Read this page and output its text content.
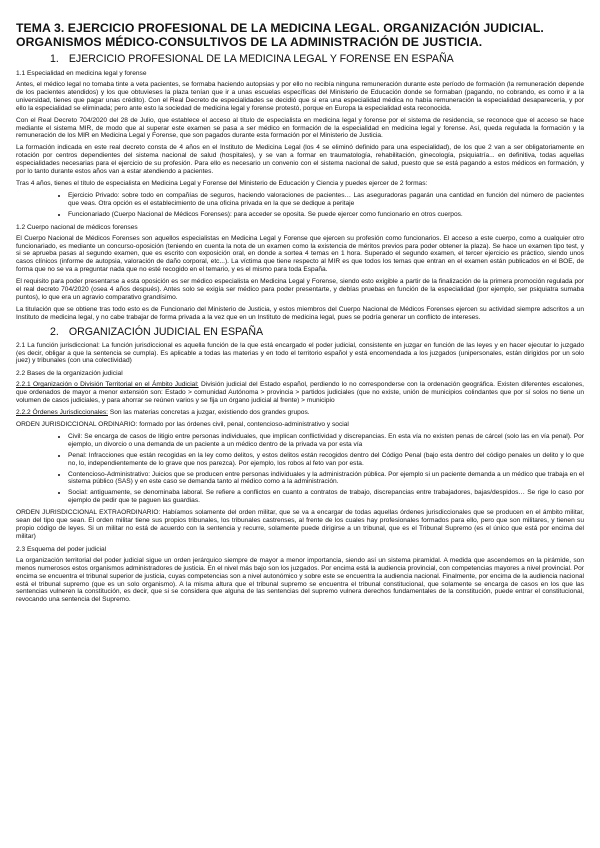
TEMA 3. EJERCICIO PROFESIONAL DE LA MEDICINA LEGAL. ORGANIZACIÓN JUDICIAL. ORGANISMOS MÉDICO-CONSULTIVOS DE LA ADMINISTRACIÓN DE JUSTICIA.
1. EJERCICIO PROFESIONAL DE LA MEDICINA LEGAL Y FORENSE EN ESPAÑA
1.1 Especialidad en medicina legal y forense

Antes, el médico legal no tomaba tinte a veta pacientes, se formaba haciendo autopsias y por ello no recibía ninguna remuneración durante este período de formación (la remuneración depende de los pacientes atendidos) y los que obtuvieses la plaza tenían que ir a unas escuelas específicas del Ministerio de Educación donde se formaban (pagando, no cobrando, es como ir a la universidad, tienes que pagar unas crédito). Con el Real Decreto de especialidades se decidió que si era una especialidad médica no había remuneración la especialidad desaparecería, y por ello la especialidad se eliminada; pero ante esto la sociedad de medicina legal y forense protestó, porque en Europa la especialidad esta reconocida.

Con el Real Decreto 704/2020 del 28 de Julio, que establece el acceso al título de especialista en medicina legal y forense por el sistema de residencia, se reconoce que el acceso se hace mediante el sistema MIR, de modo que al superar este examen se pasa a ser médico en formación de la especialidad en medicina legal y forense. Así, queda regulada la formación y la remuneración de los MIR en Medicina Legal y Forense, que son pagados durante esta formación por el Ministerio de Justicia.

La formación indicada en este real decreto consta de 4 años en el Instituto de Medicina Legal (los 4 se eliminó definido para una especialidad), de los que 2 van a ser obligatoriamente en rotación por centros dependientes del sistema nacional de salud (hospitales), y se van a formar en traumatología, rehabilitación, ginecología, psiquiatría... en definitiva, todas aquellas especialidades necesarias para el ejercicio de su profesión. Para ello es necesario un convenio con el sistema nacional de salud, puesto que se está pagando a estos médicos en formación, y por lo tanto durante estos años van a estar atendiendo a pacientes.

Tras 4 años, tienes el título de especialista en Medicina Legal y Forense del Ministerio de Educación y Ciencia y puedes ejercer de 2 formas:

• Ejercicio Privado: sobre todo en compañías de seguros, haciendo valoraciones de pacientes… Las aseguradoras pagarán una cantidad en función del número de pacientes que veas. Otra opción es el establecimiento de una oficina privada en la que se dedique a peritaje
• Funcionariado (Cuerpo Nacional de Médicos Forenses): para acceder se oposita. Se puede ejercer como funcionario en otros cuerpos.
1.2 Cuerpo nacional de médicos forenses

El Cuerpo Nacional de Médicos Forenses son aquellos especialistas en Medicina Legal y Forense que ejercen su profesión como funcionarios. El acceso a este cuerpo, como a cualquier otro funcionariado, es mediante un concurso-oposición (teniendo en cuenta la nota de un examen como la existencia de méritos previos para poder obtener la plaza). Se hace un examen tipo test, y si se aprueba pasas al segundo examen, que es escrito con exposición oral, en donde a sortea 4 temas en 1 hora. Superado el segundo examen, el tercer ejercicio es práctico, siendo unos casos clínicos (informe de autopsia, valoración de daño corporal, etc...). La víctima que tiene respecto al MIR es que todos los temas que entran en el examen están publicados en el BOE, de forma que no se va a preguntar nada que no esté recogido en el temario, y es el mismo para toda España.

El requisito para poder presentarse a esta oposición es ser médico especialista en Medicina Legal y Forense, siendo esto exigible a partir de la finalización de la primera promoción regulada por el real decreto 704/2020 (osea 4 años después). Antes solo se exigía ser médico para poder presentarte, y debías pruebas en función de la especialidad (por ejemplo, ser psiquiatra sumaba puntos), lo que era un agravio comparativo grandísimo.

La titulación que se obtiene tras todo esto es de Funcionario del Ministerio de Justicia, y estos miembros del Cuerpo Nacional de Médicos Forenses ejercen su actividad siempre adscritos a un Instituto de medicina legal, y no cabe trabajar de forma privada a la vez que en un Instituto de medicina legal, pues se podría generar un conflicto de intereses.

2. ORGANIZACIÓN JUDICIAL EN ESPAÑA

2.1 La función jurisdiccional: La función jurisdiccional es aquella función de la que está encargado el poder judicial, consistente en juzgar en función de las leyes y en hacer ejecutar lo juzgado (es decir, obligar a que la sentencia se cumpla). Es aplicable a todas las materias y en todo el territorio español y está encomendada a los juzgados (unipersonales, están dirigidos por un solo juez) y tribunales (con una colectividad)

2.2 Bases de la organización judicial

2.2.1 Organización o División Territorial en el Ámbito Judicial: División judicial del Estado español, perdiendo lo no corresponderse con la ordenación geográfica. Existen diferentes escalones, que ordenados de mayor a menor extensión son: Estado > comunidad Autónoma > provincia > partidos judiciales (que no existe, unión de municipios colindantes que por sí solos no tiene un volumen de casos judiciales, y para ahorrar se reúnen varios y se fija un órgano judicial al frente) > municipio

2.2.2 Órdenes Jurisdiccionales: Son las materias concretas a juzgar, existiendo dos grandes grupos.

ORDEN JURISDICCIONAL ORDINARIO: formado por las órdenes civil, penal, contencioso-administrativo y social

• Civil: Se encarga de casos de litigio entre personas individuales, que implican conflictividad y discrepancias. En esta vía no existen penas de cárcel (solo las en vía penal). Por ejemplo, un divorcio o una demanda de un paciente a un médico dentro de la privada va por esta vía
• Penal: Infracciones que están recogidas en la ley como delitos, y estos delitos están recogidos dentro del Código Penal (bajo esta dentro del código penales un delito y lo que no, lo, independientemente de lo grave que nos parezca). Por ejemplo, los robos al feto van por esta.
• Contencioso-Administrativo: Juicios que se producen entre personas individuales y la administración pública. Por ejemplo si un paciente demanda a un médico que trabaja en el sistema público (SAS) y en este caso se demanda tanto al médico como a la administración.
• Social: antiguamente, se denominaba laboral. Se refiere a conflictos en cuanto a contratos de trabajo, discrepancias entre trabajadores, bajas/despidos… Se rige lo caso por ejemplo de pedir que te paguen las guardias.

ORDEN JURISDICCIONAL EXTRAORDINARIO: Habíamos solamente del orden militar, que se va a encargar de todas aquellas órdenes jurisdiccionales que se producen en el ámbito militar, sean del tipo que sean. El orden militar tiene sus propios tribunales, los tribunales castrenses, al frente de los cuales hay profesionales formados para ello, pero que son militares, y tienen su propio código de leyes. Si un militar no está de acuerdo con la sentencia y recurre, solamente puede dirigirse a un tribunal, que es el Tribunal Supremo (es el único que está por encima del militar)

2.3 Esquema del poder judicial

La organización territorial del poder judicial sigue un orden jerárquico siempre de mayor a menor importancia, siendo así un sistema piramidal. A medida que ascendemos en la pirámide, son menos numerosos estos organismos administradores de justicia. En el nivel más bajo son los juzgados. Por encima está la audiencia provincial, con competencias mayores a nivel provincial. Por encima se encuentra el tribunal superior de justicia, cuyas competencias son a nivel autonómico y sobre este se encuentra la audiencia nacional. Finalmente, por encima de la audiencia nacional está el tribunal supremo (que es un solo organismo). A la misma altura que el tribunal supremo se encuentra el tribunal constitucional, que solamente se encarga de casos en los que las sentencias vulneren la constitución, es decir, que si se considera que alguna de las sentencias del supremo vulnera derechos fundamentales de la constitución, puede entrar el constitucional, revocando una sentencia del Supremo.
